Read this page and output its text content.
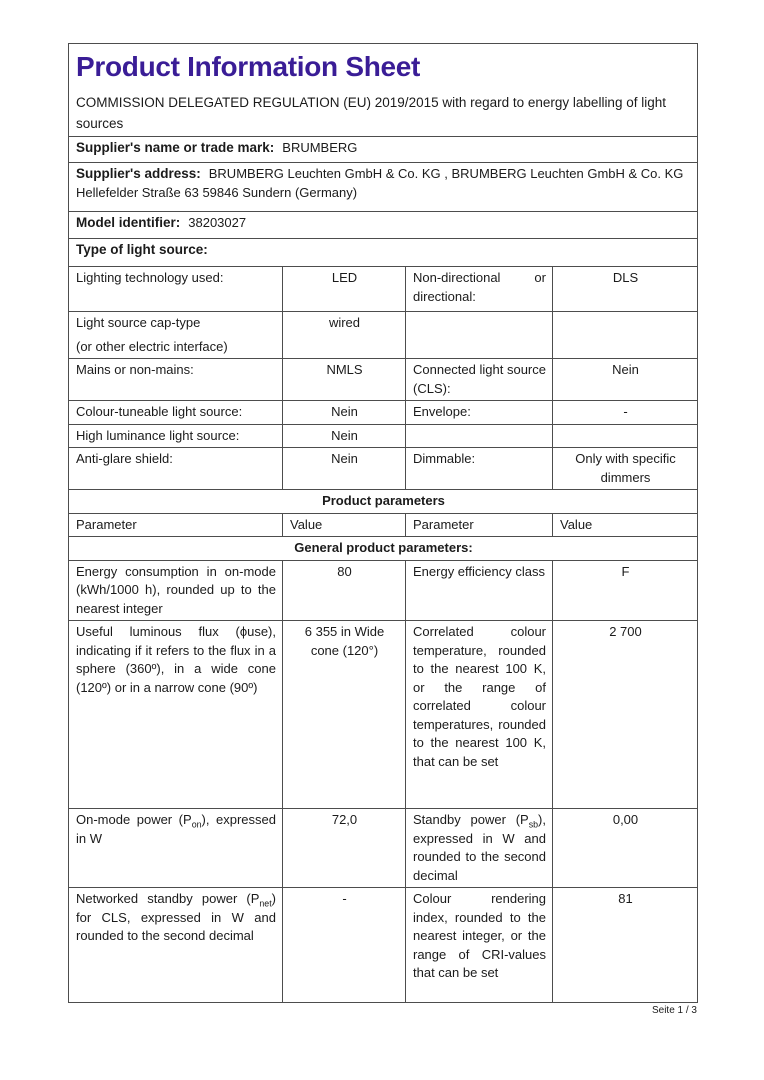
Product Information Sheet
COMMISSION DELEGATED REGULATION (EU) 2019/2015 with regard to energy labelling of light sources			

Supplier's name or trade mark: BRUMBERG			
Supplier's address: BRUMBERG Leuchten GmbH & Co. KG , BRUMBERG Leuchten GmbH & Co. KG Hellefelder Straße 63 59846 Sundern (Germany)			
Model identifier: 38203027			
Type of light source:			
Lighting technology used:	LED	Non-directional or directional:	DLS

Light source cap-type
(or other electric interface)	wired		
Mains or non-mains:	NMLS	Connected light source (CLS):	Nein
Colour-tuneable light source:	Nein	Envelope:	-
High luminance light source:	Nein		
Anti-glare shield:	Nein	Dimmable:	Only with specific dimmers
Product parameters			
Parameter	Value	Parameter	Value
General product parameters:			
Energy consumption in on-mode (kWh/1000 h), rounded up to the nearest integer	80	Energy efficiency class	F
Useful luminous flux (ϕuse), indicating if it refers to the flux in a sphere (360º), in a wide cone (120º) or in a narrow cone (90º)	6 355 in Wide cone (120°)	Correlated colour temperature, rounded to the nearest 100 K, or the range of correlated colour temperatures, rounded to the nearest 100 K, that can be set	2 700
On-mode power $(P_{on})$, expressed in W	72,0	Standby power $(P_{sb})$, expressed in W and rounded to the second decimal	0,00
Networked standby power $(P_{net})$ for CLS, expressed in W and rounded to the second decimal	-	Colour rendering index, rounded to the nearest integer, or the range of CRI-values that can be set	81
Seite 1 / 3
